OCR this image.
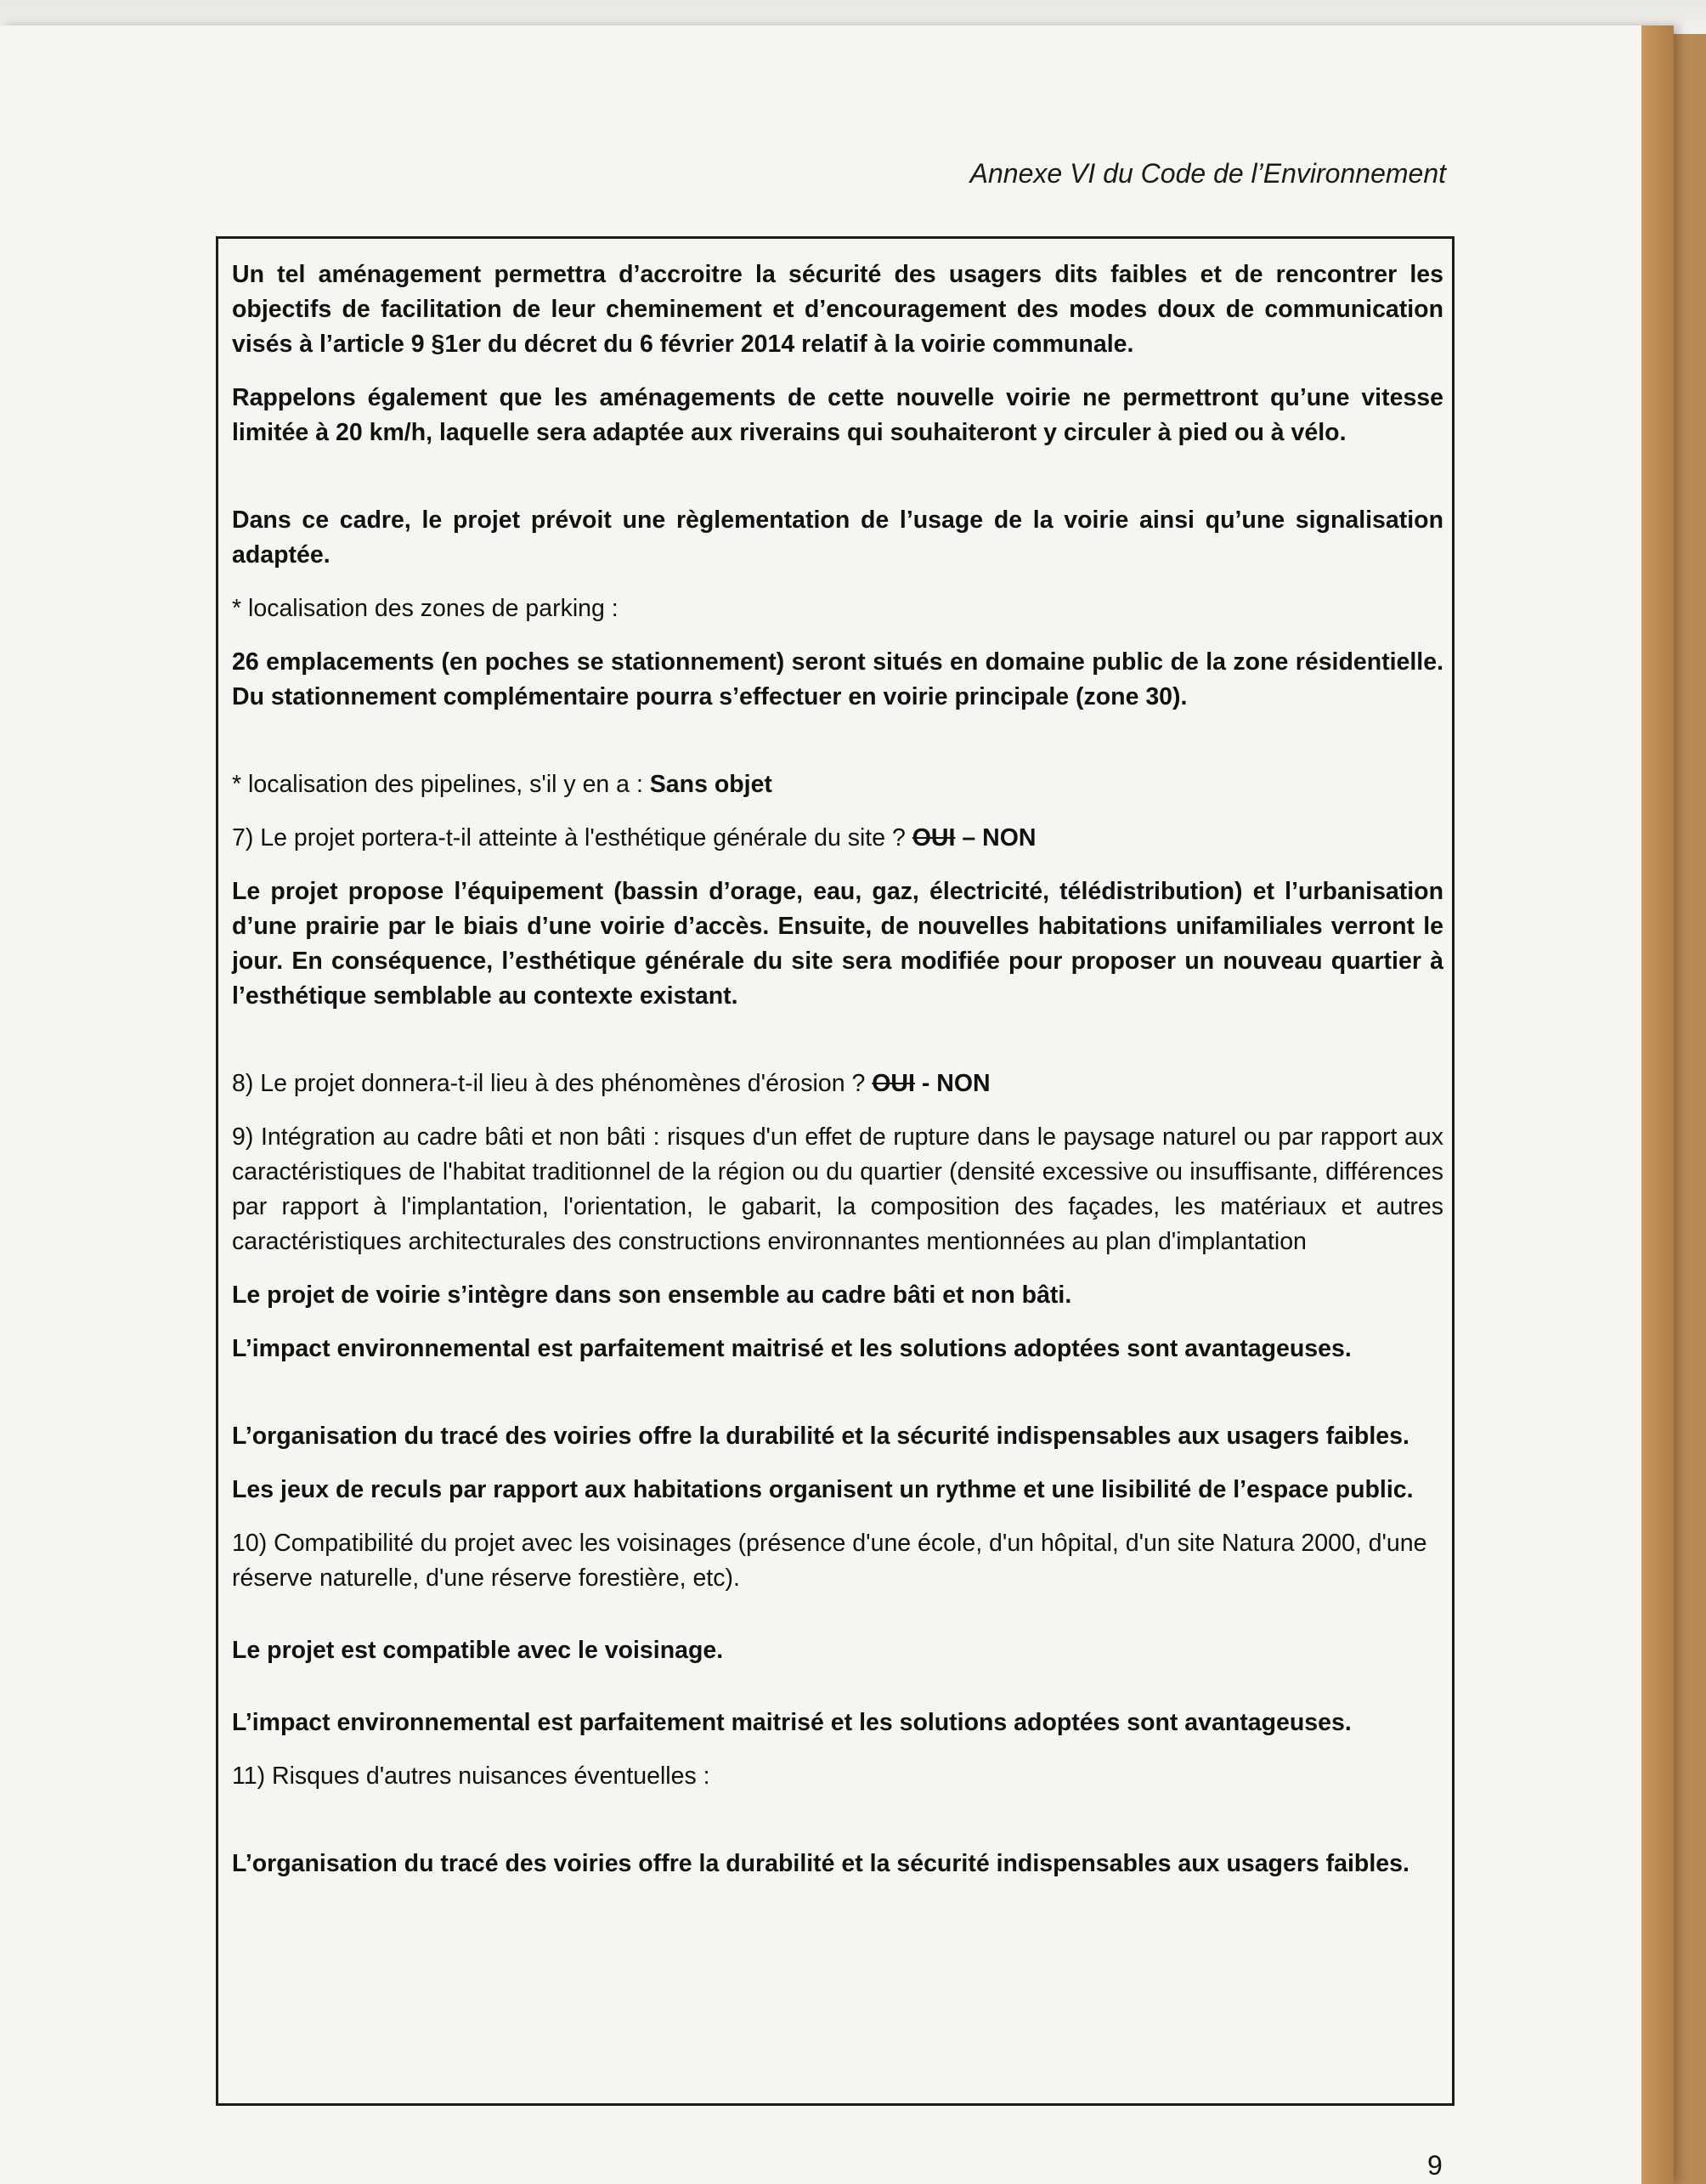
Annexe VI du Code de l’Environnement

Un tel aménagement permettra d’accroitre la sécurité des usagers dits faibles et de rencontrer les objectifs de facilitation de leur cheminement et d’encouragement des modes doux de communication visés à l’article 9 §1er du décret du 6 février 2014 relatif à la voirie communale.

Rappelons également que les aménagements de cette nouvelle voirie ne permettront qu’une vitesse limitée à 20 km/h, laquelle sera adaptée aux riverains qui souhaiteront y circuler à pied ou à vélo.

Dans ce cadre, le projet prévoit une règlementation de l’usage de la voirie ainsi qu’une signalisation adaptée.

* localisation des zones de parking :

26 emplacements (en poches se stationnement) seront situés en domaine public de la zone résidentielle. Du stationnement complémentaire pourra s’effectuer en voirie principale (zone 30).

* localisation des pipelines, s'il y en a : Sans objet

7) Le projet portera-t-il atteinte à l'esthétique générale du site ? OUI – NON

Le projet propose l’équipement (bassin d’orage, eau, gaz, électricité, télédistribution) et l’urbanisation d’une prairie par le biais d’une voirie d’accès. Ensuite, de nouvelles habitations unifamiliales verront le jour. En conséquence, l’esthétique générale du site sera modifiée pour proposer un nouveau quartier à l’esthétique semblable au contexte existant.

8) Le projet donnera-t-il lieu à des phénomènes d'érosion ? OUI - NON

9) Intégration au cadre bâti et non bâti : risques d'un effet de rupture dans le paysage naturel ou par rapport aux caractéristiques de l'habitat traditionnel de la région ou du quartier (densité excessive ou insuffisante, différences par rapport à l'implantation, l'orientation, le gabarit, la composition des façades, les matériaux et autres caractéristiques architecturales des constructions environnantes mentionnées au plan d'implantation

Le projet de voirie s’intègre dans son ensemble au cadre bâti et non bâti.

L’impact environnemental est parfaitement maitrisé et les solutions adoptées sont avantageuses.

L’organisation du tracé des voiries offre la durabilité et la sécurité indispensables aux usagers faibles.

Les jeux de reculs par rapport aux habitations organisent un rythme et une lisibilité de l’espace public.

10) Compatibilité du projet avec les voisinages (présence d'une école, d'un hôpital, d'un site Natura 2000, d'une réserve naturelle, d'une réserve forestière, etc).

Le projet est compatible avec le voisinage.

L’impact environnemental est parfaitement maitrisé et les solutions adoptées sont avantageuses.

11) Risques d'autres nuisances éventuelles :

L’organisation du tracé des voiries offre la durabilité et la sécurité indispensables aux usagers faibles.

9
